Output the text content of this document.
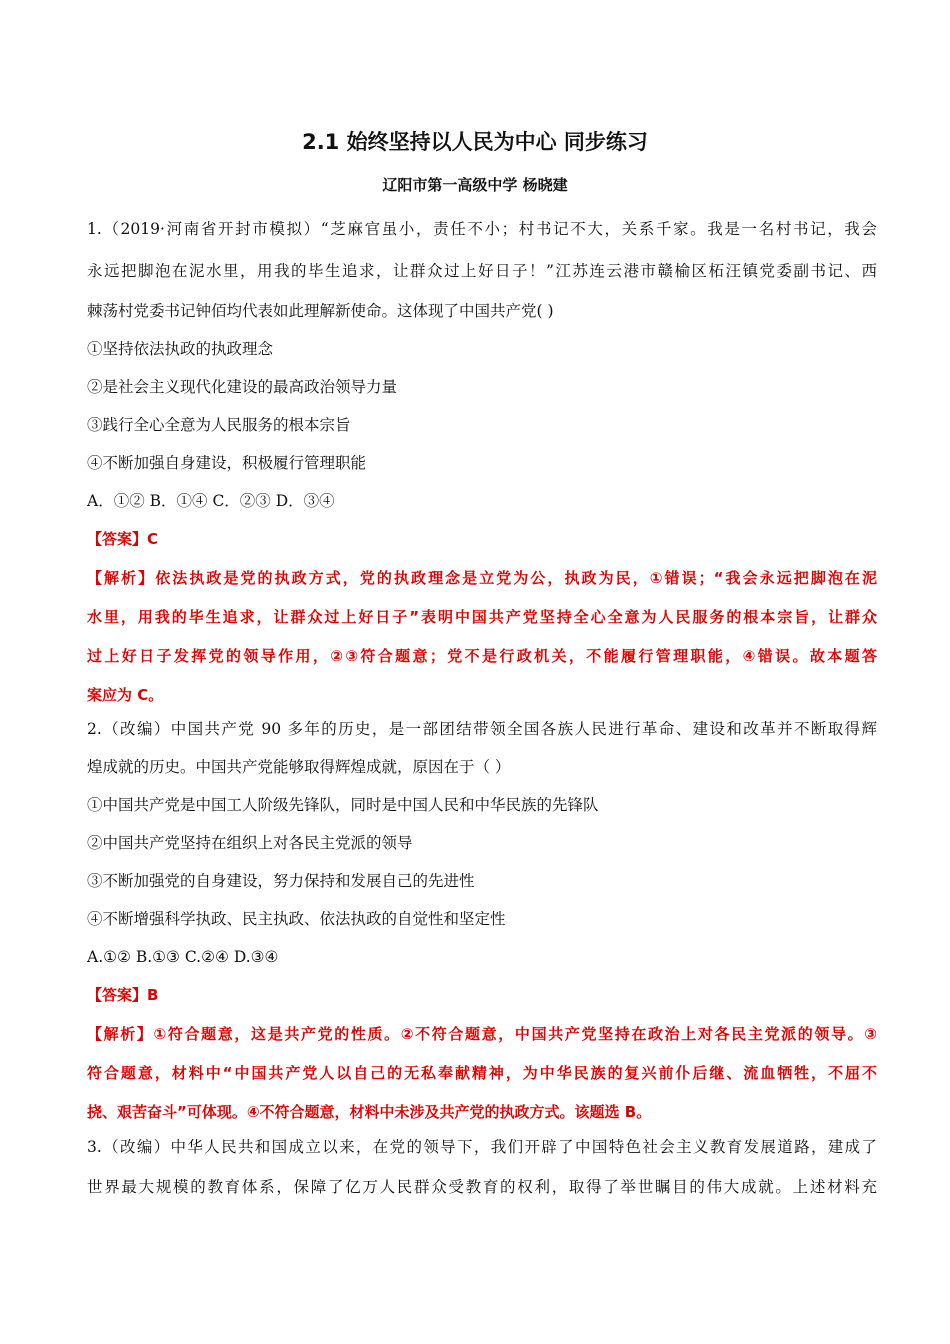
2.1 始终坚持以人民为中心 同步练习
辽阳市第一高级中学 杨晓建
1.（2019·河南省开封市模拟）“芝麻官虽小，责任不小；村书记不大，关系千家。我是一名村书记，我会
永远把脚泡在泥水里，用我的毕生追求，让群众过上好日子！”江苏连云港市赣榆区柘汪镇党委副书记、西
棘荡村党委书记钟佰均代表如此理解新使命。这体现了中国共产党( )
①坚持依法执政的执政理念
②是社会主义现代化建设的最高政治领导力量
③践行全心全意为人民服务的根本宗旨
④不断加强自身建设，积极履行管理职能
A．①② B．①④ C．②③ D．③④
【答案】C
【解析】依法执政是党的执政方式，党的执政理念是立党为公，执政为民，①错误；“我会永远把脚泡在泥
水里，用我的毕生追求，让群众过上好日子”表明中国共产党坚持全心全意为人民服务的根本宗旨，让群众
过上好日子发挥党的领导作用，②③符合题意；党不是行政机关，不能履行管理职能，④错误。故本题答
案应为 C。
2.（改编）中国共产党 90 多年的历史，是一部团结带领全国各族人民进行革命、建设和改革并不断取得辉
煌成就的历史。中国共产党能够取得辉煌成就，原因在于（ ）
①中国共产党是中国工人阶级先锋队，同时是中国人民和中华民族的先锋队
②中国共产党坚持在组织上对各民主党派的领导
③不断加强党的自身建设，努力保持和发展自己的先进性
④不断增强科学执政、民主执政、依法执政的自觉性和坚定性
A.①② B.①③ C.②④ D.③④
【答案】B
【解析】①符合题意，这是共产党的性质。②不符合题意，中国共产党坚持在政治上对各民主党派的领导。③
符合题意，材料中“中国共产党人以自己的无私奉献精神，为中华民族的复兴前仆后继、流血牺牲，不屈不
挠、艰苦奋斗”可体现。④不符合题意，材料中未涉及共产党的执政方式。该题选 B。
3.（改编）中华人民共和国成立以来，在党的领导下，我们开辟了中国特色社会主义教育发展道路，建成了
世界最大规模的教育体系，保障了亿万人民群众受教育的权利，取得了举世瞩目的伟大成就。上述材料充
